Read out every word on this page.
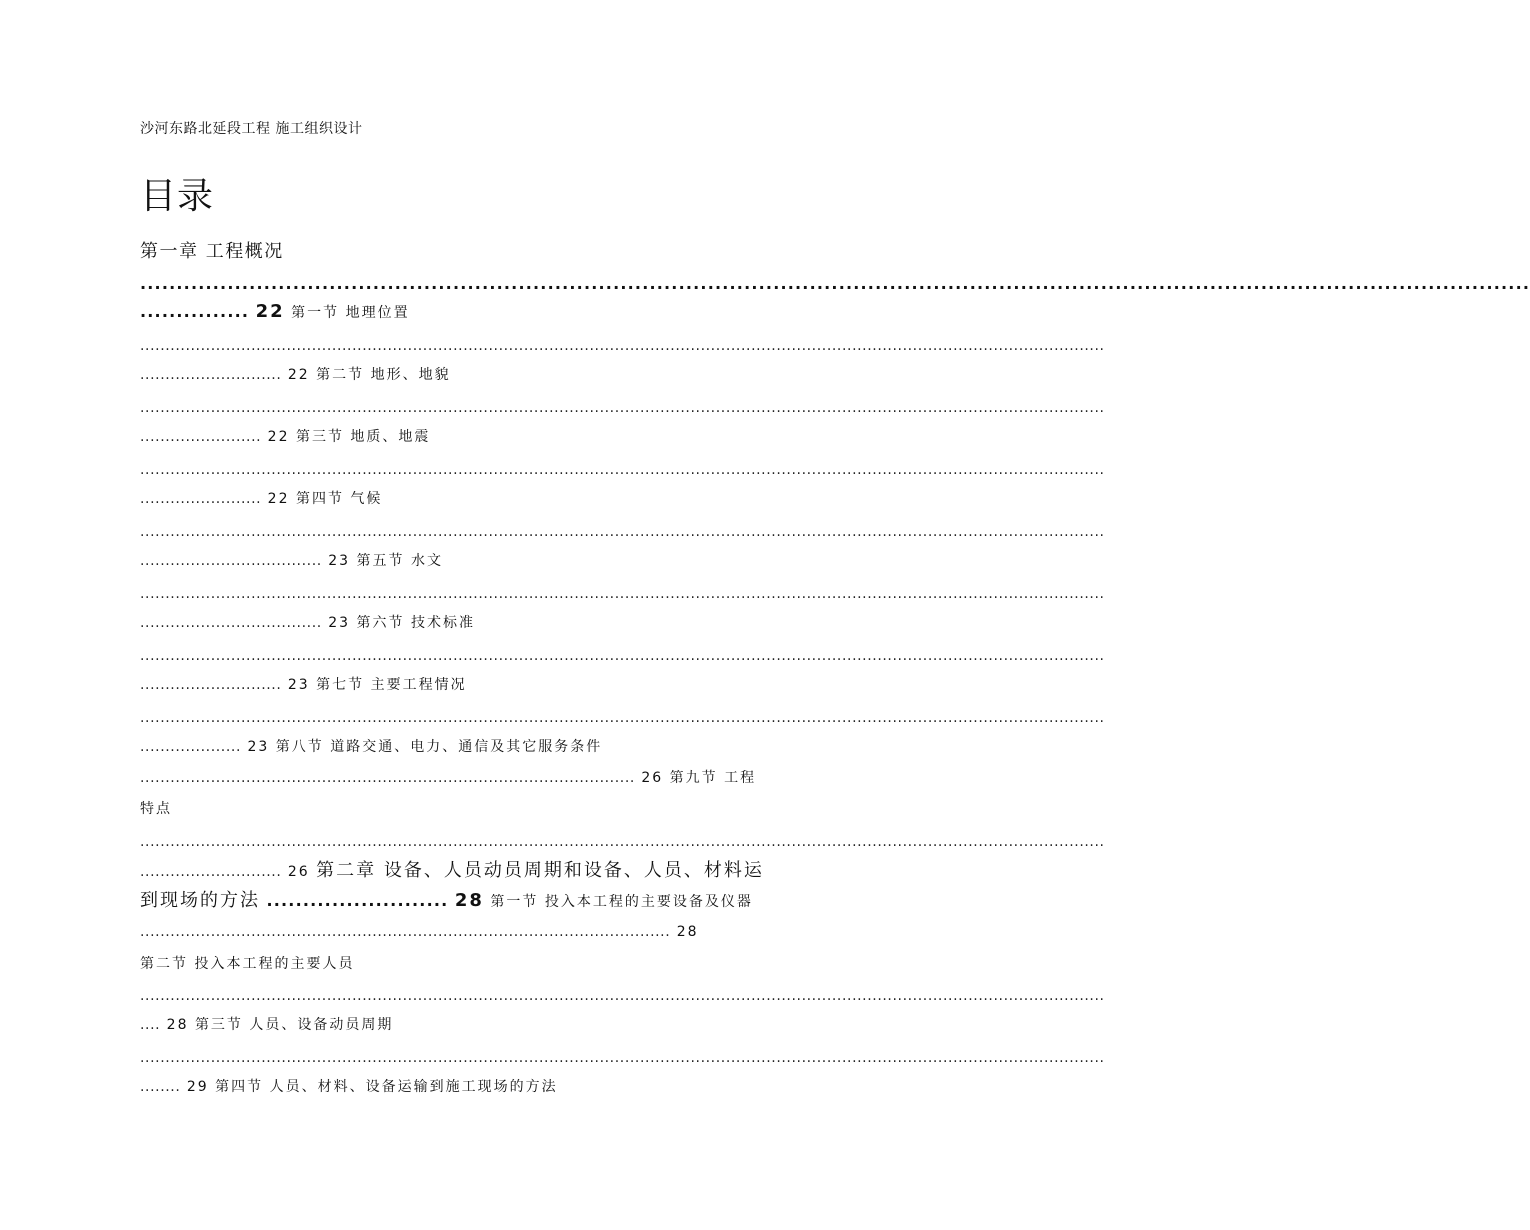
沙河东路北延段工程 施工组织设计
目录
第一章 工程概况
...............................................................................................................................................................................................
............... 22 第一节 地理位置
...............................................................................................................................................................................................
............................ 22 第二节 地形、地貌
...............................................................................................................................................................................................
........................ 22 第三节 地质、地震
...............................................................................................................................................................................................
........................ 22 第四节 气候
...............................................................................................................................................................................................
.................................... 23 第五节 水文
...............................................................................................................................................................................................
.................................... 23 第六节 技术标准
...............................................................................................................................................................................................
............................ 23 第七节 主要工程情况
...............................................................................................................................................................................................
.................... 23 第八节 道路交通、电力、通信及其它服务条件
.................................................................................................. 26 第九节 工程
特点
...............................................................................................................................................................................................
............................ 26 第二章 设备、人员动员周期和设备、人员、材料运
到现场的方法 ......................... 28 第一节 投入本工程的主要设备及仪器
......................................................................................................... 28
第二节 投入本工程的主要人员
...............................................................................................................................................................................................
.... 28 第三节 人员、设备动员周期
...............................................................................................................................................................................................
........ 29 第四节 人员、材料、设备运输到施工现场的方法
